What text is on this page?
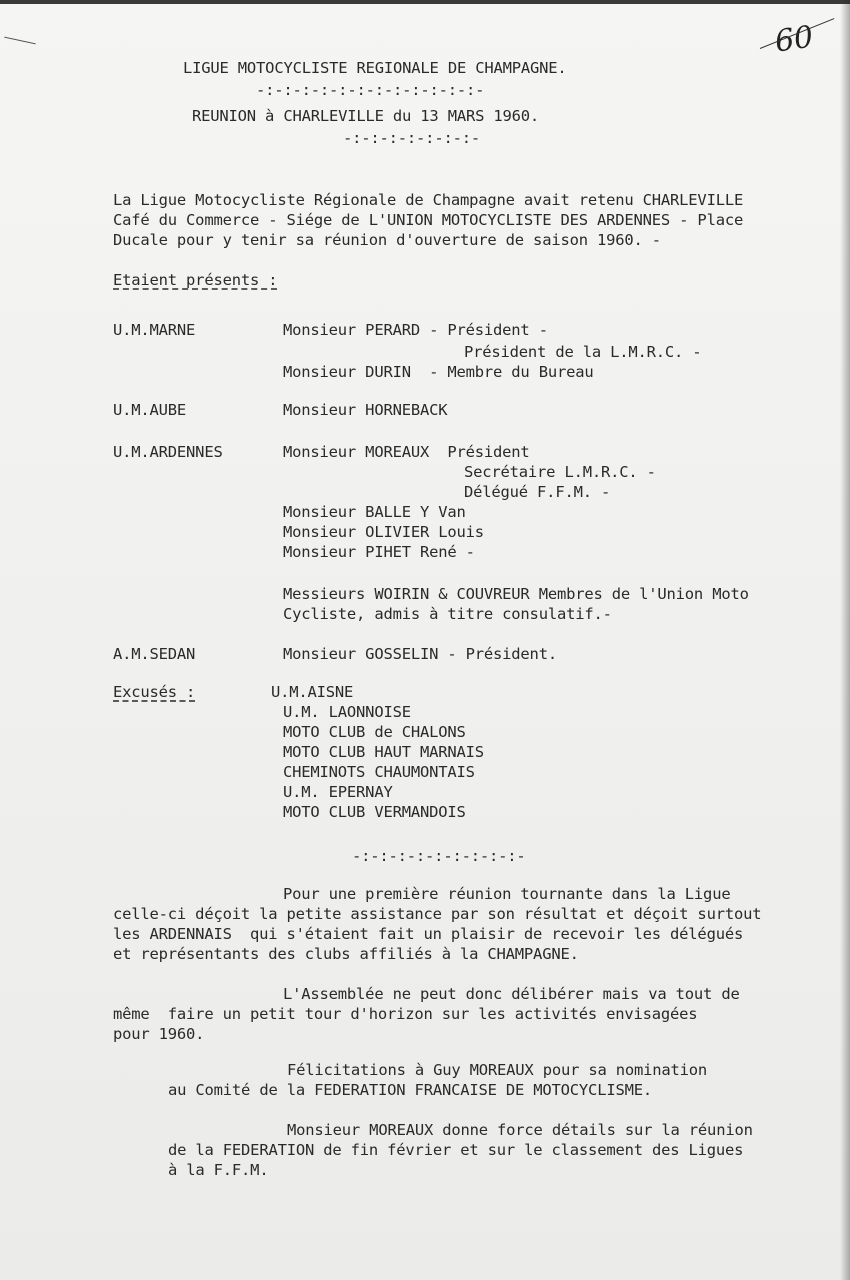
60
LIGUE MOTOCYCLISTE REGIONALE DE CHAMPAGNE.
-:-:-:-:-:-:-:-:-:-:-:-:-
REUNION à CHARLEVILLE du 13 MARS 1960.
-:-:-:-:-:-:-:-
La Ligue Motocycliste Régionale de Champagne avait retenu CHARLEVILLE
Café du Commerce - Siége de L'UNION MOTOCYCLISTE DES ARDENNES - Place
Ducale pour y tenir sa réunion d'ouverture de saison 1960. -
Etaient présents :
U.M.MARNE	Monsieur PERARD - Président -
Président de la L.M.R.C. -
Monsieur DURIN  - Membre du Bureau
U.M.AUBE	Monsieur HORNEBACK
U.M.ARDENNES	Monsieur MOREAUX  Président
Secrétaire L.M.R.C. -
Délégué F.F.M. -
Monsieur BALLE Y Van
Monsieur OLIVIER Louis
Monsieur PIHET René -
Messieurs WOIRIN & COUVREUR Membres de l'Union Moto
Cycliste, admis à titre consulatif.-
A.M.SEDAN	Monsieur GOSSELIN - Président.
Excusés :	U.M.AISNE
U.M. LAONNOISE
MOTO CLUB de CHALONS
MOTO CLUB HAUT MARNAIS
CHEMINOTS CHAUMONTAIS
U.M. EPERNAY
MOTO CLUB VERMANDOIS
-:-:-:-:-:-:-:-:-:-
Pour une première réunion tournante dans la Ligue
celle-ci déçoit la petite assistance par son résultat et déçoit surtout
les ARDENNAIS  qui s'étaient fait un plaisir de recevoir les délégués
et représentants des clubs affiliés à la CHAMPAGNE.
L'Assemblée ne peut donc délibérer mais va tout de
même  faire un petit tour d'horizon sur les activités envisagées
pour 1960.
Félicitations à Guy MOREAUX pour sa nomination
au Comité de la FEDERATION FRANCAISE DE MOTOCYCLISME.
Monsieur MOREAUX donne force détails sur la réunion
de la FEDERATION de fin février et sur le classement des Ligues
à la F.F.M.
